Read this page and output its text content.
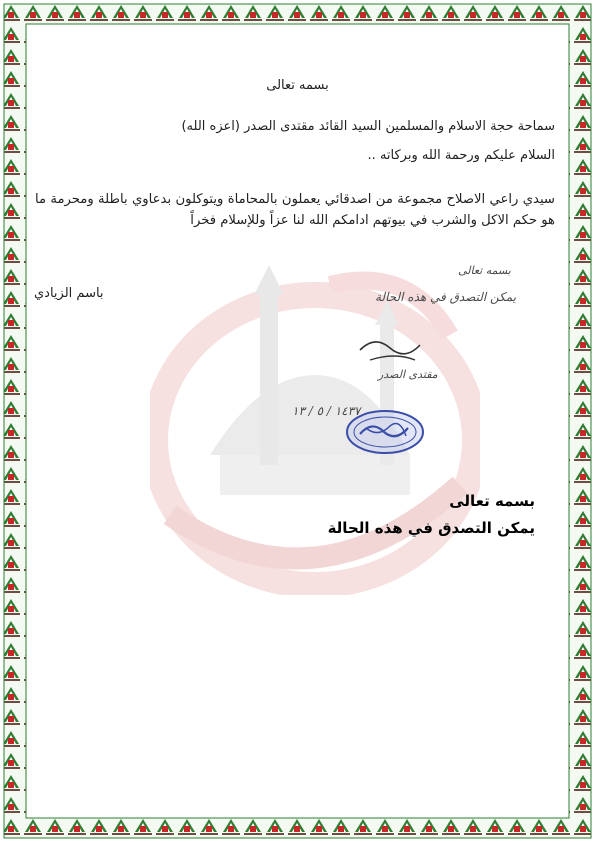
بسمه تعالى
سماحة حجة الاسلام والمسلمين السيد القائد مقتدى الصدر (اعزه الله)
السلام عليكم ورحمة الله وبركاته ..
سيدي راعي الاصلاح مجموعة من اصدقائي يعملون بالمحاماة ويتوكلون بدعاوي باطلة ومحرمة ما هو حكم الاكل والشرب في بيوتهم ادامكم الله لنا عزاً وللإسلام فخراً
باسم الزيادي
بسمه تعالى
يمكن التصدق في هذه الحالة
مقتدى الصدر
١٤٣٧ / ٥ / ١٣
بسمه تعالى
يمكن التصدق في هذه الحالة
